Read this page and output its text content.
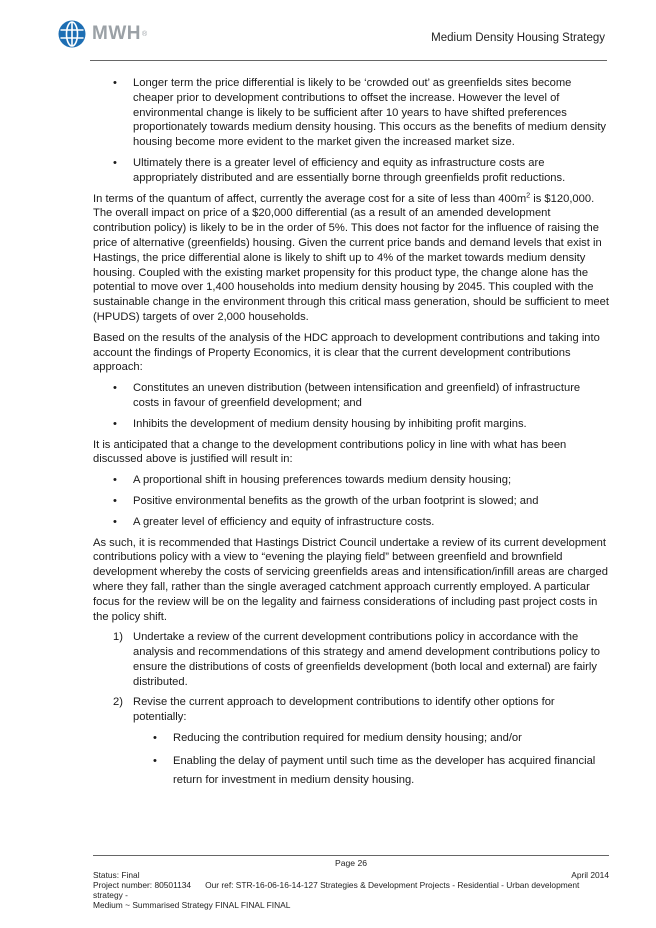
MWH ®	Medium Density Housing Strategy
• Longer term the price differential is likely to be ‘crowded out’ as greenfields sites become cheaper prior to development contributions to offset the increase. However the level of environmental change is likely to be sufficient after 10 years to have shifted preferences proportionately towards medium density housing. This occurs as the benefits of medium density housing become more evident to the market given the increased market size.
• Ultimately there is a greater level of efficiency and equity as infrastructure costs are appropriately distributed and are essentially borne through greenfields profit reductions.

In terms of the quantum of affect, currently the average cost for a site of less than $400m^2$ is $120,000. The overall impact on price of a $20,000 differential (as a result of an amended development contribution policy) is likely to be in the order of 5%. This does not factor for the influence of raising the price of alternative (greenfields) housing. Given the current price bands and demand levels that exist in Hastings, the price differential alone is likely to shift up to 4% of the market towards medium density housing. Coupled with the existing market propensity for this product type, the change alone has the potential to move over 1,400 households into medium density housing by 2045. This coupled with the sustainable change in the environment through this critical mass generation, should be sufficient to meet (HPUDS) targets of over 2,000 households.

Based on the results of the analysis of the HDC approach to development contributions and taking into account the findings of Property Economics, it is clear that the current development contributions approach:

• Constitutes an uneven distribution (between intensification and greenfield) of infrastructure costs in favour of greenfield development; and
• Inhibits the development of medium density housing by inhibiting profit margins.

It is anticipated that a change to the development contributions policy in line with what has been discussed above is justified will result in:

• A proportional shift in housing preferences towards medium density housing;
• Positive environmental benefits as the growth of the urban footprint is slowed; and
• A greater level of efficiency and equity of infrastructure costs.

As such, it is recommended that Hastings District Council undertake a review of its current development contributions policy with a view to “evening the playing field” between greenfield and brownfield development whereby the costs of servicing greenfields areas and intensification/infill areas are charged where they fall, rather than the single averaged catchment approach currently employed. A particular focus for the review will be on the legality and fairness considerations of including past project costs in the policy shift.

1) Undertake a review of the current development contributions policy in accordance with the analysis and recommendations of this strategy and amend development contributions policy to ensure the distributions of costs of greenfields development (both local and external) are fairly distributed.
2) Revise the current approach to development contributions to identify other options for potentially:
• Reducing the contribution required for medium density housing; and/or
• Enabling the delay of payment until such time as the developer has acquired financial return for investment in medium density housing.
Page 26
Status: Final	April 2014
Project number: 80501134 Our ref: STR-16-06-16-14-127 Strategies & Development Projects - Residential - Urban development strategy -
Medium ~ Summarised Strategy FINAL FINAL FINAL
